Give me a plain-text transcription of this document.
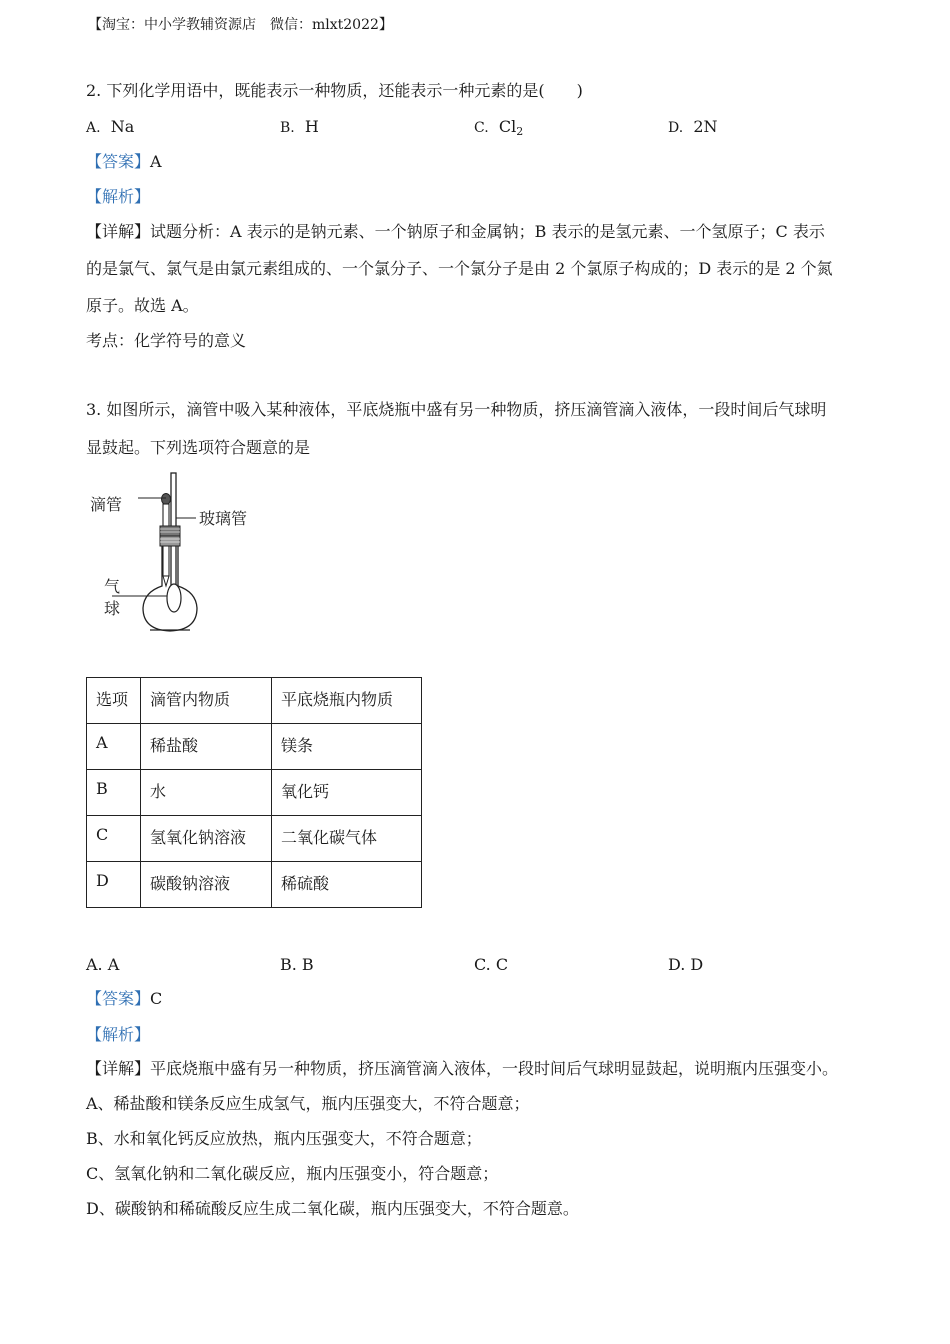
【淘宝：中小学教辅资源店　微信：mlxt2022】
2. 下列化学用语中，既能表示一种物质，还能表示一种元素的是(　　)
A. Na	B. H	C. $Cl_2$	D. 2N
【答案】A
【解析】
【详解】试题分析：A 表示的是钠元素、一个钠原子和金属钠；B 表示的是氢元素、一个氢原子；C 表示
的是氯气、氯气是由氯元素组成的、一个氯分子、一个氯分子是由 2 个氯原子构成的；D 表示的是 2 个氮
原子。故选 A。
考点：化学符号的意义
3. 如图所示，滴管中吸入某种液体，平底烧瓶中盛有另一种物质，挤压滴管滴入液体，一段时间后气球明
显鼓起。下列选项符合题意的是
滴管
玻璃管
气
球
选项	滴管内物质	平底烧瓶内物质
A	稀盐酸	镁条
B	水	氧化钙
C	氢氧化钠溶液	二氧化碳气体
D	碳酸钠溶液	稀硫酸
A. A	B. B	C. C	D. D
【答案】C
【解析】
【详解】平底烧瓶中盛有另一种物质，挤压滴管滴入液体，一段时间后气球明显鼓起，说明瓶内压强变小。
A、稀盐酸和镁条反应生成氢气，瓶内压强变大，不符合题意；
B、水和氧化钙反应放热，瓶内压强变大，不符合题意；
C、氢氧化钠和二氧化碳反应，瓶内压强变小，符合题意；
D、碳酸钠和稀硫酸反应生成二氧化碳，瓶内压强变大，不符合题意。
